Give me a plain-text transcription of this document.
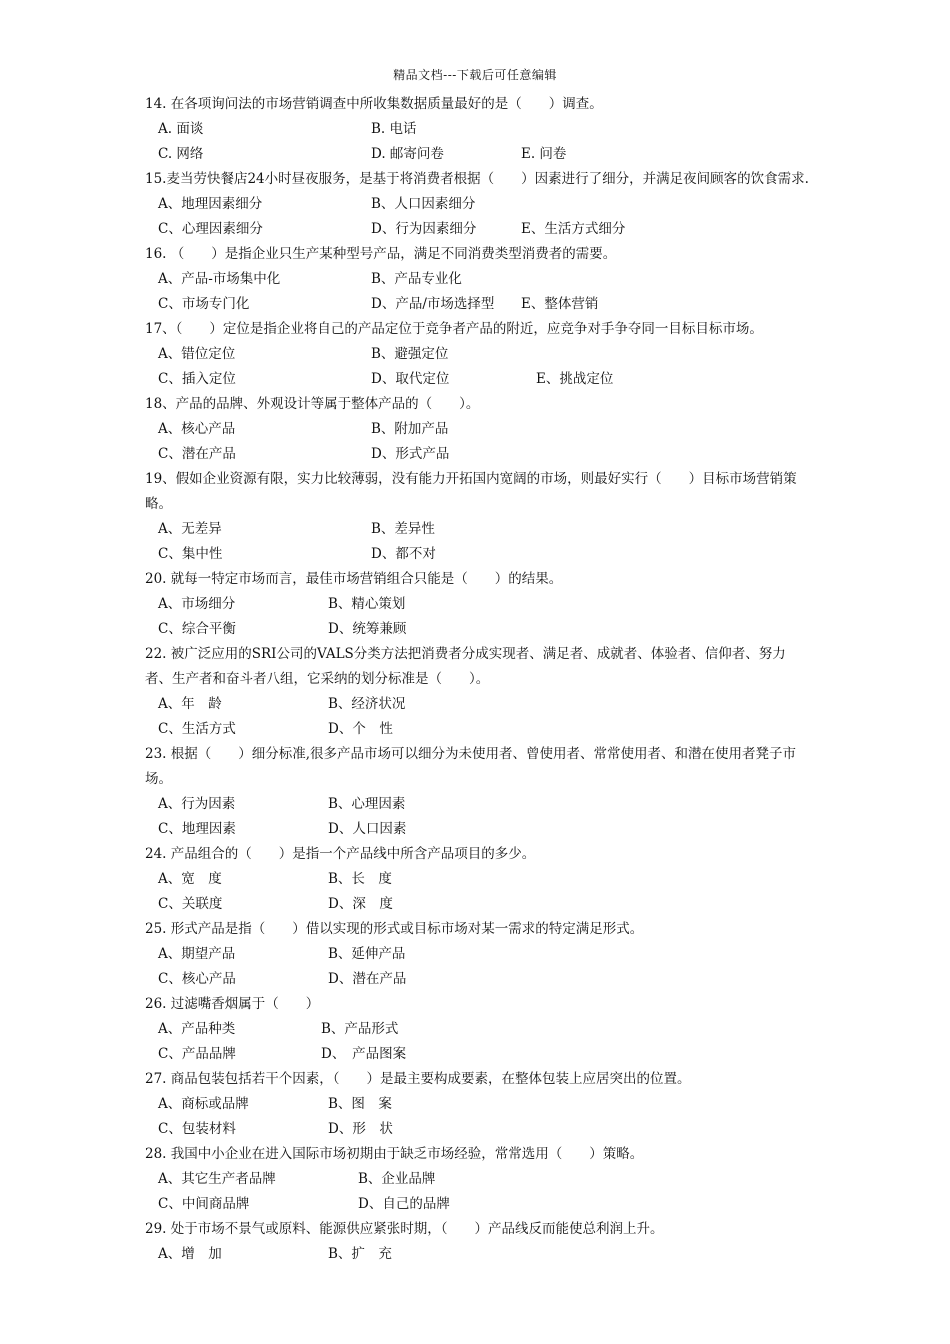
精品文档---下载后可任意编辑

14. 在各项询问法的市场营销调查中所收集数据质量最好的是（　　）调查。

A. 面谈	B. 电话
C. 网络	D. 邮寄问卷	E. 问卷

15.麦当劳快餐店24小时昼夜服务，是基于将消费者根据（　　）因素进行了细分，并满足夜间顾客的饮食需求.

A、地理因素细分	B、人口因素细分
C、心理因素细分	D、行为因素细分	E、生活方式细分

16. （　　）是指企业只生产某种型号产品，满足不同消费类型消费者的需要。

A、产品-市场集中化	B、产品专业化
C、市场专门化	D、产品/市场选择型	E、整体营销

17、（　　）定位是指企业将自己的产品定位于竞争者产品的附近，应竞争对手争夺同一目标目标市场。

A、错位定位	B、避强定位
C、插入定位	D、取代定位	E、挑战定位

18、产品的品牌、外观设计等属于整体产品的（　　）。

A、核心产品	B、附加产品
C、潜在产品	D、形式产品

19、假如企业资源有限，实力比较薄弱，没有能力开拓国内宽阔的市场，则最好实行（　　）目标市场营销策略。

A、无差异	B、差异性
C、集中性	D、都不对

20. 就每一特定市场而言，最佳市场营销组合只能是（　　）的结果。

A、市场细分	B、精心策划
C、综合平衡	D、统筹兼顾

22. 被广泛应用的SRI公司的VALS分类方法把消费者分成实现者、满足者、成就者、体验者、信仰者、努力者、生产者和奋斗者八组，它采纳的划分标准是（　　）。

A、年　龄	B、经济状况
C、生活方式	D、个　性

23. 根据（　　）细分标准,很多产品市场可以细分为未使用者、曾使用者、常常使用者、和潜在使用者凳子市场。

A、行为因素	B、心理因素
C、地理因素	D、人口因素

24. 产品组合的（　　）是指一个产品线中所含产品项目的多少。

A、宽　度	B、长　度
C、关联度	D、深　度

25. 形式产品是指（　　）借以实现的形式或目标市场对某一需求的特定满足形式。

A、期望产品	B、延伸产品
C、核心产品	D、潜在产品

26. 过滤嘴香烟属于（　　）

A、产品种类	B、产品形式
C、产品品牌	D、　产品图案

27. 商品包装包括若干个因素，（　　）是最主要构成要素，在整体包装上应居突出的位置。

A、商标或品牌	B、图　案
C、包装材料	D、形　状

28. 我国中小企业在进入国际市场初期由于缺乏市场经验，常常选用（　　）策略。

A、其它生产者品牌	B、企业品牌
C、中间商品牌	D、自己的品牌

29. 处于市场不景气或原料、能源供应紧张时期，（　　）产品线反而能使总利润上升。

A、增　加	B、扩　充
